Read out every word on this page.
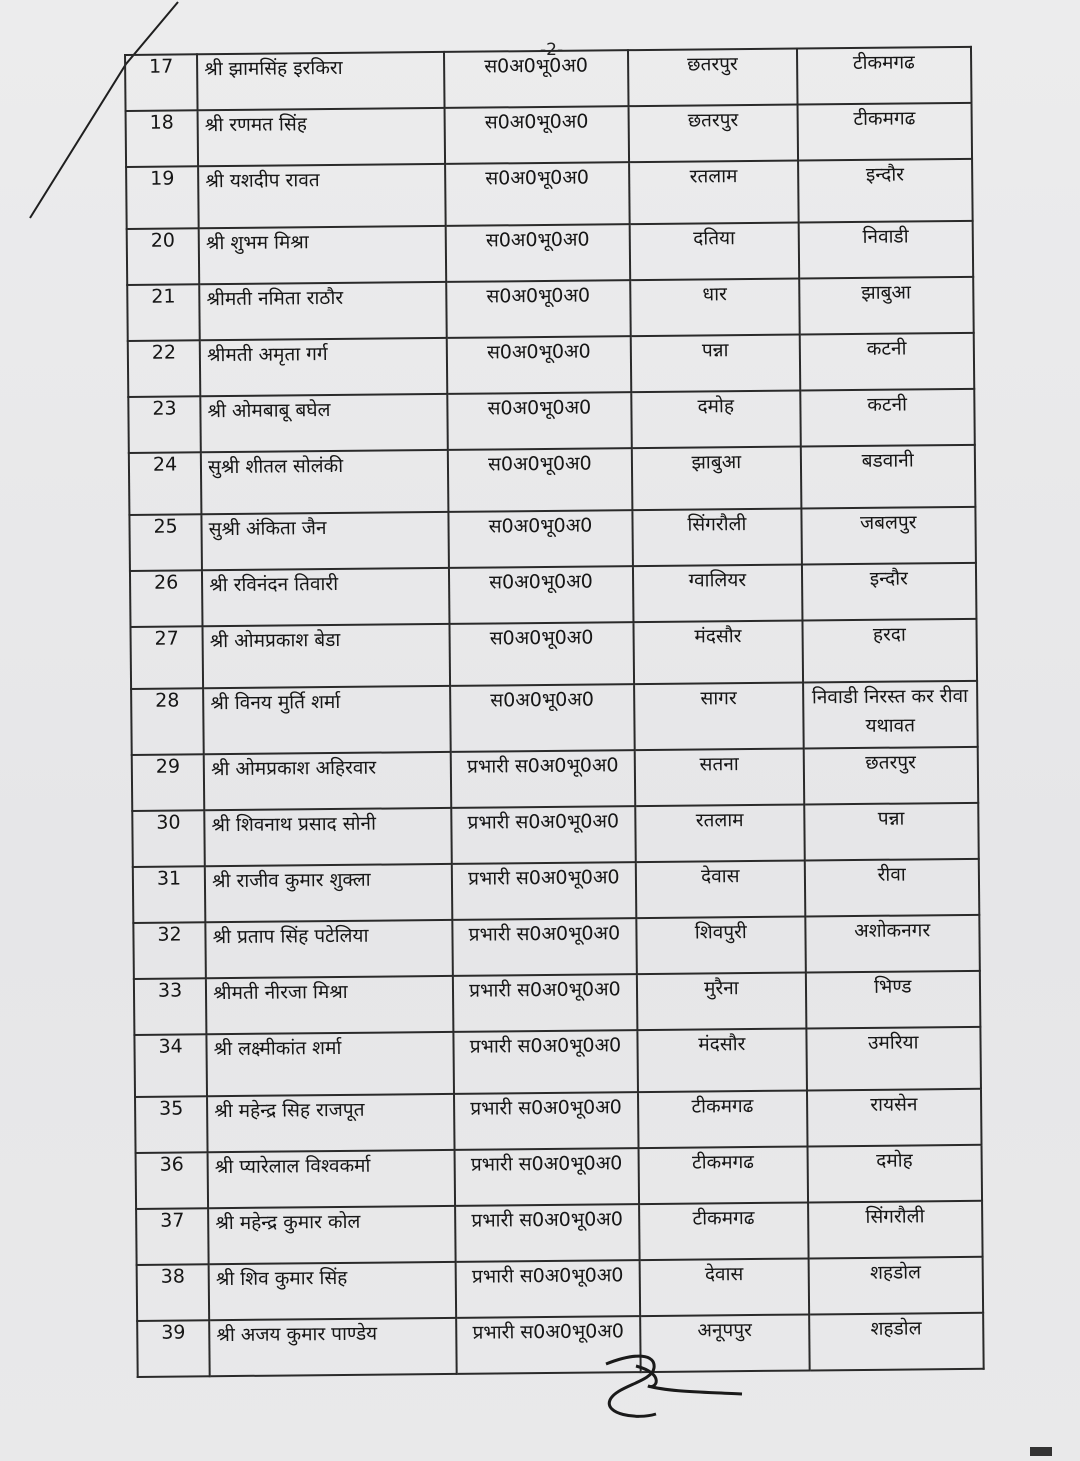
-2-
17	श्री झामसिंह इरकिरा	स0अ0भू0अ0	छतरपुर	टीकमगढ
18	श्री रणमत सिंह	स0अ0भू0अ0	छतरपुर	टीकमगढ
19	श्री यशदीप रावत	स0अ0भू0अ0	रतलाम	इन्दौर
20	श्री शुभम मिश्रा	स0अ0भू0अ0	दतिया	निवाडी
21	श्रीमती नमिता राठौर	स0अ0भू0अ0	धार	झाबुआ
22	श्रीमती अमृता गर्ग	स0अ0भू0अ0	पन्ना	कटनी
23	श्री ओमबाबू बघेल	स0अ0भू0अ0	दमोह	कटनी
24	सुश्री शीतल सोलंकी	स0अ0भू0अ0	झाबुआ	बडवानी
25	सुश्री अंकिता जैन	स0अ0भू0अ0	सिंगरौली	जबलपुर
26	श्री रविनंदन तिवारी	स0अ0भू0अ0	ग्वालियर	इन्दौर
27	श्री ओमप्रकाश बेडा	स0अ0भू0अ0	मंदसौर	हरदा
28	श्री विनय मुर्ति शर्मा	स0अ0भू0अ0	सागर	निवाडी निरस्त कर रीवा यथावत
29	श्री ओमप्रकाश अहिरवार	प्रभारी स0अ0भू0अ0	सतना	छतरपुर
30	श्री शिवनाथ प्रसाद सोनी	प्रभारी स0अ0भू0अ0	रतलाम	पन्ना
31	श्री राजीव कुमार शुक्ला	प्रभारी स0अ0भू0अ0	देवास	रीवा
32	श्री प्रताप सिंह पटेलिया	प्रभारी स0अ0भू0अ0	शिवपुरी	अशोकनगर
33	श्रीमती नीरजा मिश्रा	प्रभारी स0अ0भू0अ0	मुरैना	भिण्ड
34	श्री लक्ष्मीकांत शर्मा	प्रभारी स0अ0भू0अ0	मंदसौर	उमरिया
35	श्री महेन्द्र सिह राजपूत	प्रभारी स0अ0भू0अ0	टीकमगढ	रायसेन
36	श्री प्यारेलाल विश्वकर्मा	प्रभारी स0अ0भू0अ0	टीकमगढ	दमोह
37	श्री महेन्द्र कुमार कोल	प्रभारी स0अ0भू0अ0	टीकमगढ	सिंगरौली
38	श्री शिव कुमार सिंह	प्रभारी स0अ0भू0अ0	देवास	शहडोल
39	श्री अजय कुमार पाण्डेय	प्रभारी स0अ0भू0अ0	अनूपपुर	शहडोल
